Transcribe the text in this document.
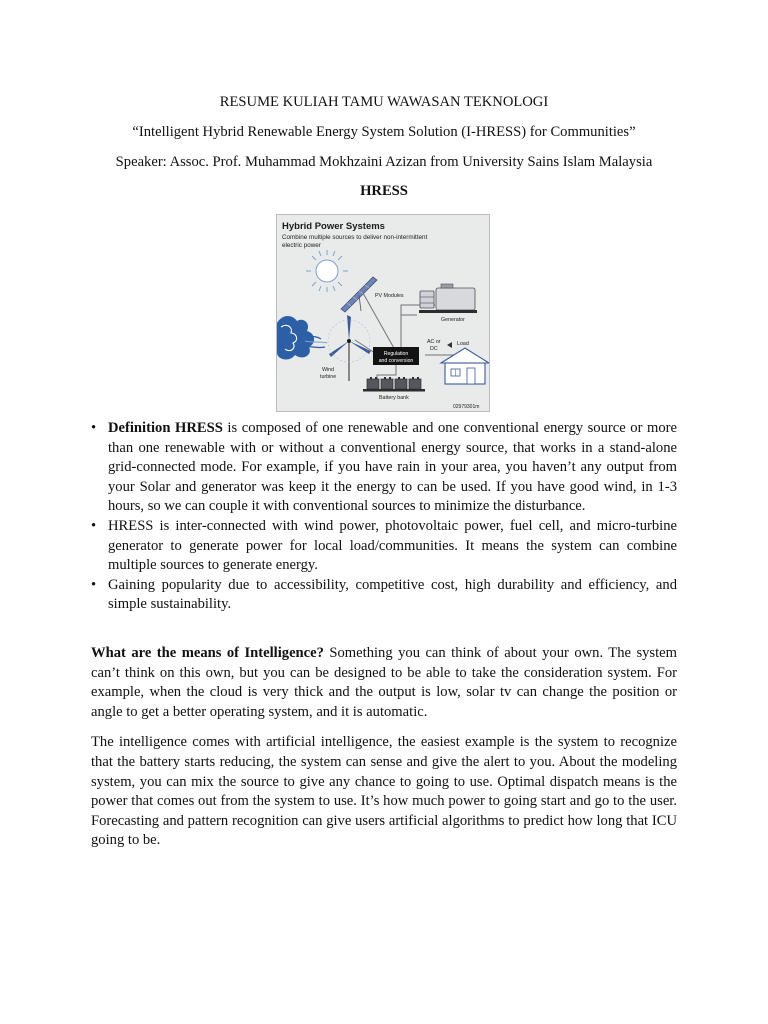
RESUME KULIAH TAMU WAWASAN TEKNOLOGI
“Intelligent Hybrid Renewable Energy System Solution (I-HRESS) for Communities”
Speaker: Assoc. Prof. Muhammad Mokhzaini Azizan from University Sains Islam Malaysia
HRESS
Hybrid Power Systems
Combine multiple sources to deliver non-intermittent
electric power
PV Modules
Generator
AC or
DC
Load
Wind
turbine
Regulation
and conversion
Battery bank
02979301m
• Definition HRESS is composed of one renewable and one conventional energy source or more than one renewable with or without a conventional energy source, that works in a stand-alone grid-connected mode. For example, if you have rain in your area, you haven’t any output from your Solar and generator was keep it the energy to can be used. If you have good wind, in 1-3 hours, so we can couple it with conventional sources to minimize the disturbance.
• HRESS is inter-connected with wind power, photovoltaic power, fuel cell, and micro-turbine generator to generate power for local load/communities. It means the system can combine multiple sources to generate energy.
• Gaining popularity due to accessibility, competitive cost, high durability and efficiency, and simple sustainability.

What are the means of Intelligence? Something you can think of about your own. The system can’t think on this own, but you can be designed to be able to take the consideration system. For example, when the cloud is very thick and the output is low, solar tv can change the position or angle to get a better operating system, and it is automatic.

The intelligence comes with artificial intelligence, the easiest example is the system to recognize that the battery starts reducing, the system can sense and give the alert to you. About the modeling system, you can mix the source to give any chance to going to use. Optimal dispatch means is the power that comes out from the system to use. It’s how much power to going start and go to the user. Forecasting and pattern recognition can give users artificial algorithms to predict how long that ICU going to be.
